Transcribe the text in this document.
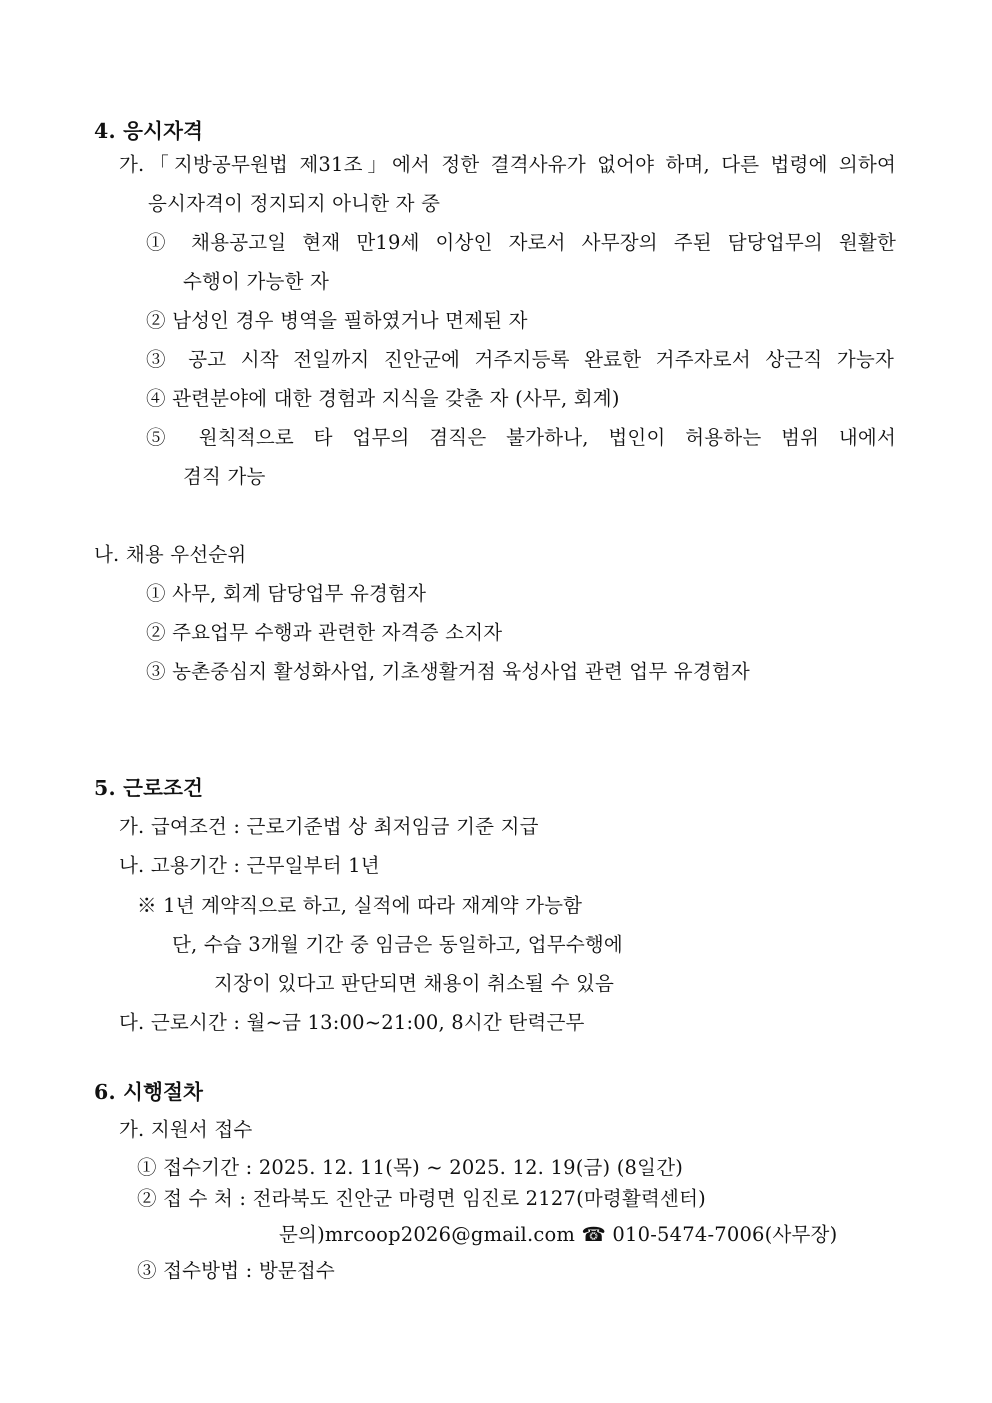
4. 응시자격
가.「지방공무원법 제31조」에서 정한 결격사유가 없어야 하며, 다른 법령에 의하여
응시자격이 정지되지 아니한 자 중
① 채용공고일 현재 만19세 이상인 자로서 사무장의 주된 담당업무의 원활한
수행이 가능한 자
② 남성인 경우 병역을 필하였거나 면제된 자
③ 공고 시작 전일까지 진안군에 거주지등록 완료한 거주자로서 상근직 가능자
④ 관련분야에 대한 경험과 지식을 갖춘 자 (사무, 회계)
⑤ 원칙적으로 타 업무의 겸직은 불가하나, 법인이 허용하는 범위 내에서
겸직 가능
나. 채용 우선순위
① 사무, 회계 담당업무 유경험자
② 주요업무 수행과 관련한 자격증 소지자
③ 농촌중심지 활성화사업, 기초생활거점 육성사업 관련 업무 유경험자
5. 근로조건
가. 급여조건 : 근로기준법 상 최저임금 기준 지급
나. 고용기간 : 근무일부터 1년
※ 1년 계약직으로 하고, 실적에 따라 재계약 가능함
단, 수습 3개월 기간 중 임금은 동일하고, 업무수행에
지장이 있다고 판단되면 채용이 취소될 수 있음
다. 근로시간 : 월~금 13:00~21:00, 8시간 탄력근무
6. 시행절차
가. 지원서 접수
① 접수기간 : 2025. 12. 11(목) ~ 2025. 12. 19(금) (8일간)
② 접 수 처 : 전라북도 진안군 마령면 임진로 2127(마령활력센터)
문의)mrcoop2026@gmail.com ☎ 010-5474-7006(사무장)
③ 접수방법 : 방문접수
